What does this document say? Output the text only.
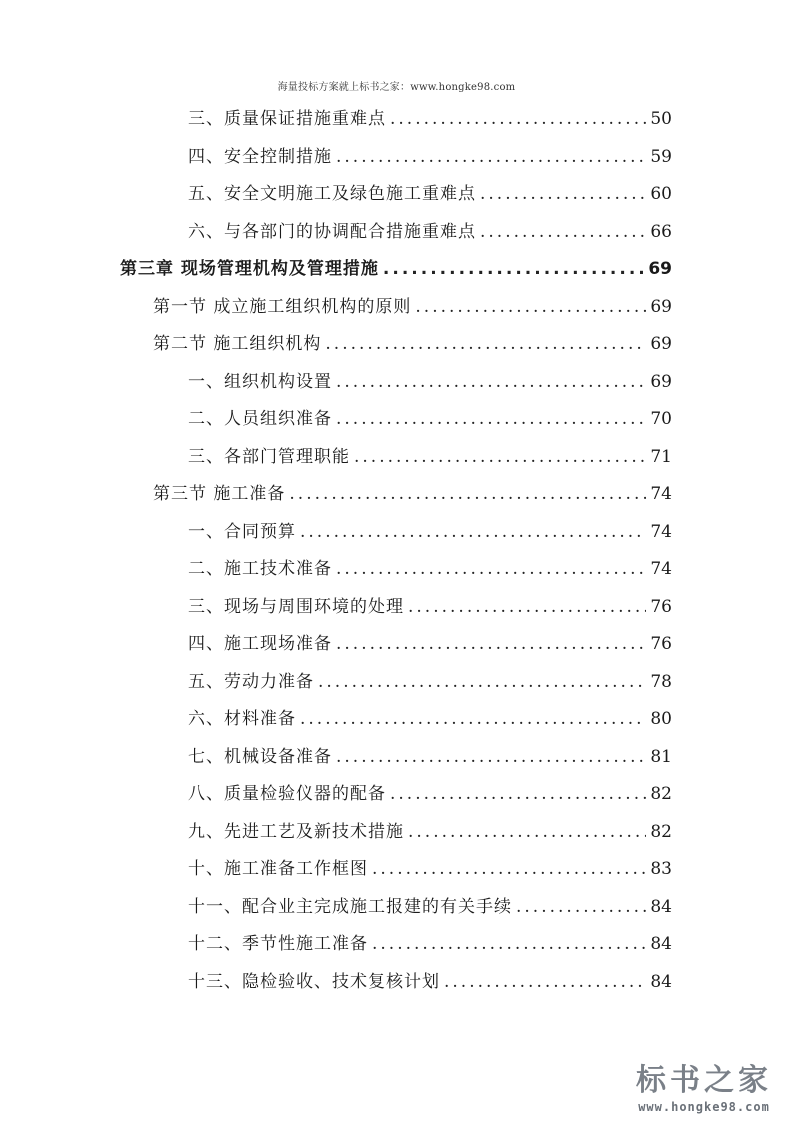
海量投标方案就上标书之家：www.hongke98.com
三、质量保证措施重难点 .....	50
四、安全控制措施 .....	59
五、安全文明施工及绿色施工重难点 .....	60
六、与各部门的协调配合措施重难点 .....	66
第三章 现场管理机构及管理措施 .....	69
第一节 成立施工组织机构的原则 .....	69
第二节 施工组织机构 .....	69
一、组织机构设置 .....	69
二、人员组织准备 .....	70
三、各部门管理职能 .....	71
第三节 施工准备 .....	74
一、合同预算 .....	74
二、施工技术准备 .....	74
三、现场与周围环境的处理 .....	76
四、施工现场准备 .....	76
五、劳动力准备 .....	78
六、材料准备 .....	80
七、机械设备准备 .....	81
八、质量检验仪器的配备 .....	82
九、先进工艺及新技术措施 .....	82
十、施工准备工作框图 .....	83
十一、配合业主完成施工报建的有关手续 .....	84
十二、季节性施工准备 .....	84
十三、隐检验收、技术复核计划 .....	84
标书之家
www.hongke98.com
